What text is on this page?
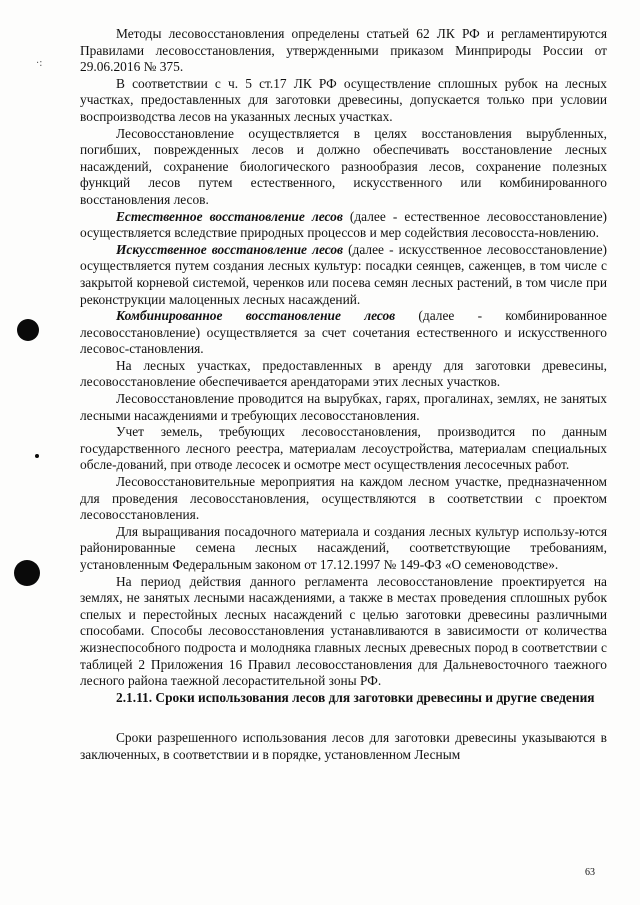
·:

Методы лесовосстановления определены статьей 62 ЛК РФ и регламентируются Правилами лесовосстановления, утвержденными приказом Минприроды России от 29.06.2016 № 375.

В соответствии с ч. 5 ст.17 ЛК РФ осуществление сплошных рубок на лесных участках, предоставленных для заготовки древесины, допускается только при условии воспроизводства лесов на указанных лесных участках.

Лесовосстановление осуществляется в целях восстановления вырубленных, погибших, поврежденных лесов и должно обеспечивать восстановление лесных насаждений, сохранение биологического разнообразия лесов, сохранение полезных функций лесов путем естественного, искусственного или комбинированного восстановления лесов.

Естественное восстановление лесов (далее - естественное лесовосстановление) осуществляется вследствие природных процессов и мер содействия лесовосста-новлению.

Искусственное восстановление лесов (далее - искусственное лесовосстановление) осуществляется путем создания лесных культур: посадки сеянцев, саженцев, в том числе с закрытой корневой системой, черенков или посева семян лесных растений, в том числе при реконструкции малоценных лесных насаждений.

Комбинированное восстановление лесов (далее - комбинированное лесовосстановление) осуществляется за счет сочетания естественного и искусственного лесовос-становления.

На лесных участках, предоставленных в аренду для заготовки древесины, лесовосстановление обеспечивается арендаторами этих лесных участков.

Лесовосстановление проводится на вырубках, гарях, прогалинах, землях, не занятых лесными насаждениями и требующих лесовосстановления.

Учет земель, требующих лесовосстановления, производится по данным государственного лесного реестра, материалам лесоустройства, материалам специальных обсле-дований, при отводе лесосек и осмотре мест осуществления лесосечных работ.

Лесовосстановительные мероприятия на каждом лесном участке, предназначенном для проведения лесовосстановления, осуществляются в соответствии с проектом лесовосстановления.

Для выращивания посадочного материала и создания лесных культур использу-ются районированные семена лесных насаждений, соответствующие требованиям, установленным Федеральным законом от 17.12.1997 № 149-ФЗ «О семеноводстве».

На период действия данного регламента лесовосстановление проектируется на землях, не занятых лесными насаждениями, а также в местах проведения сплошных рубок спелых и перестойных лесных насаждений с целью заготовки древесины различными способами. Способы лесовосстановления устанавливаются в зависимости от количества жизнеспособного подроста и молодняка главных лесных древесных пород в соответствии с таблицей 2 Приложения 16 Правил лесовосстановления для Дальневосточного таежного лесного района таежной лесорастительной зоны РФ.

2.1.11. Сроки использования лесов для заготовки древесины и другие сведения

Сроки разрешенного использования лесов для заготовки древесины указываются в заключенных, в соответствии и в порядке, установленном Лесным

63
